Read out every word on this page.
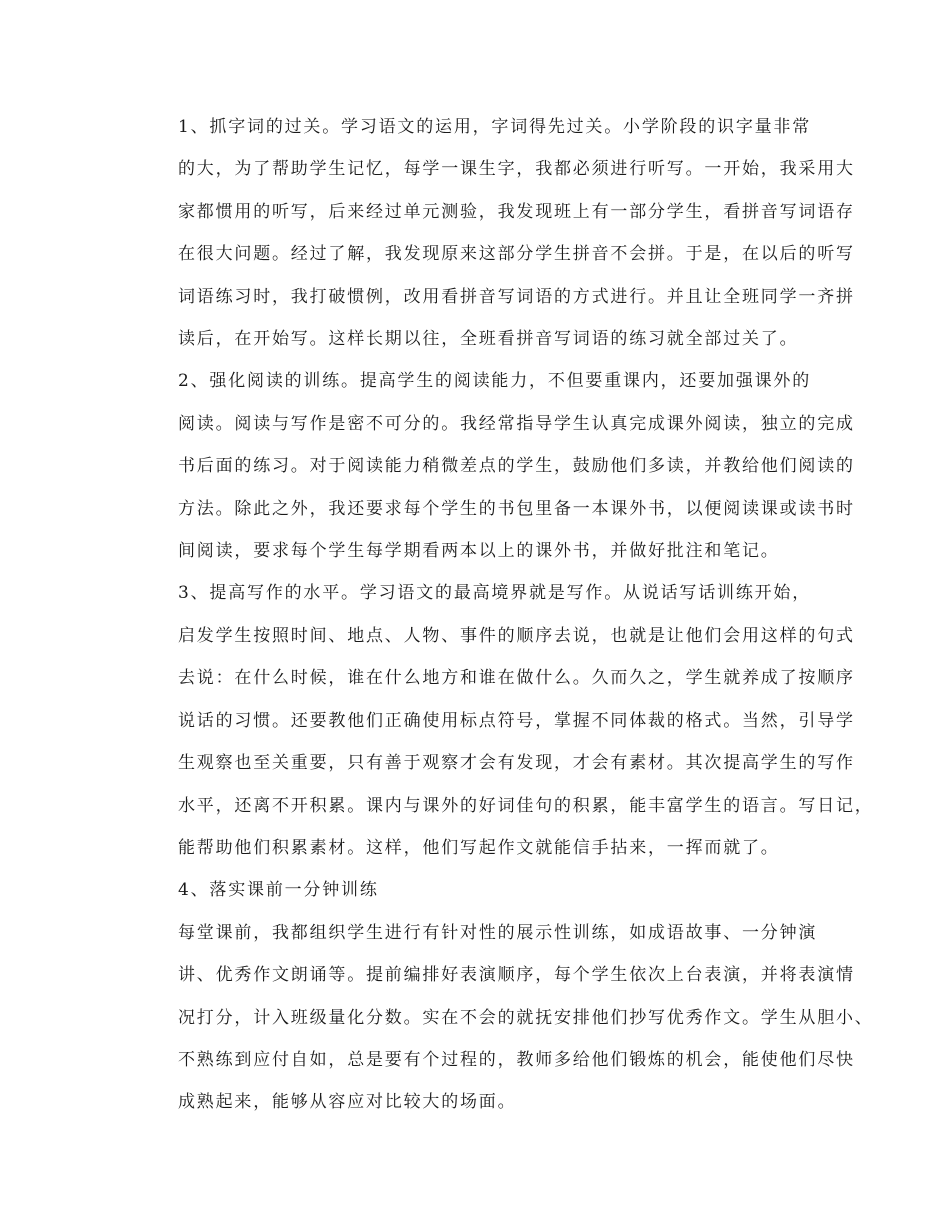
1、抓字词的过关。学习语文的运用，字词得先过关。小学阶段的识字量非常
的大，为了帮助学生记忆，每学一课生字，我都必须进行听写。一开始，我采用大
家都惯用的听写，后来经过单元测验，我发现班上有一部分学生，看拼音写词语存
在很大问题。经过了解，我发现原来这部分学生拼音不会拼。于是，在以后的听写
词语练习时，我打破惯例，改用看拼音写词语的方式进行。并且让全班同学一齐拼
读后，在开始写。这样长期以往，全班看拼音写词语的练习就全部过关了。

2、强化阅读的训练。提高学生的阅读能力，不但要重课内，还要加强课外的
阅读。阅读与写作是密不可分的。我经常指导学生认真完成课外阅读，独立的完成
书后面的练习。对于阅读能力稍微差点的学生，鼓励他们多读，并教给他们阅读的
方法。除此之外，我还要求每个学生的书包里备一本课外书，以便阅读课或读书时
间阅读，要求每个学生每学期看两本以上的课外书，并做好批注和笔记。

3、提高写作的水平。学习语文的最高境界就是写作。从说话写话训练开始，
启发学生按照时间、地点、人物、事件的顺序去说，也就是让他们会用这样的句式
去说：在什么时候，谁在什么地方和谁在做什么。久而久之，学生就养成了按顺序
说话的习惯。还要教他们正确使用标点符号，掌握不同体裁的格式。当然，引导学
生观察也至关重要，只有善于观察才会有发现，才会有素材。其次提高学生的写作
水平，还离不开积累。课内与课外的好词佳句的积累，能丰富学生的语言。写日记，
能帮助他们积累素材。这样，他们写起作文就能信手拈来，一挥而就了。

4、落实课前一分钟训练

每堂课前，我都组织学生进行有针对性的展示性训练，如成语故事、一分钟演
讲、优秀作文朗诵等。提前编排好表演顺序，每个学生依次上台表演，并将表演情
况打分，计入班级量化分数。实在不会的就抚安排他们抄写优秀作文。学生从胆小、
不熟练到应付自如，总是要有个过程的，教师多给他们锻炼的机会，能使他们尽快
成熟起来，能够从容应对比较大的场面。
